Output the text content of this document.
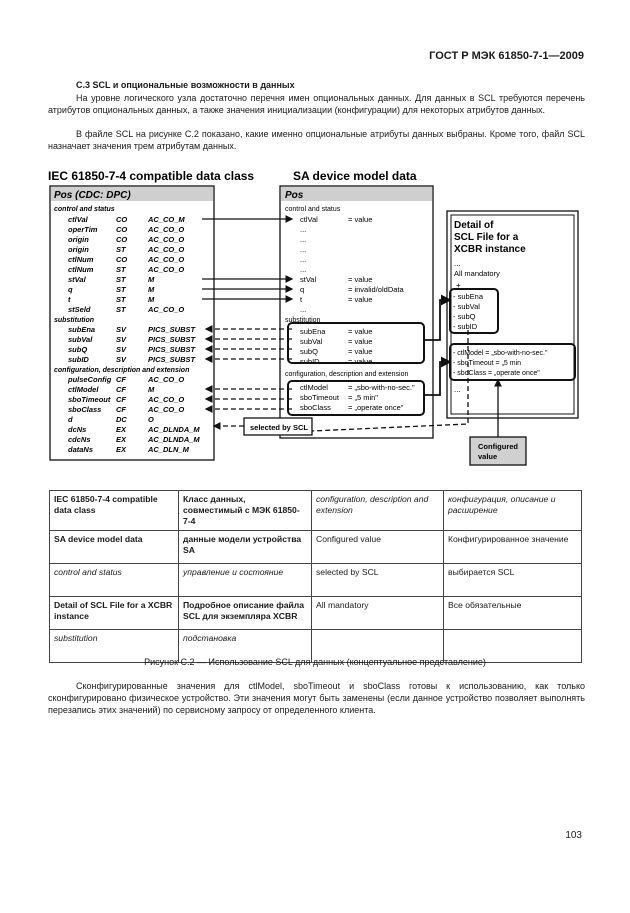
ГОСТ Р МЭК 61850-7-1—2009
C.3 SCL и опциональные возможности в данных
На уровне логического узла достаточно перечня имен опциональных данных. Для данных в SCL требуются перечень атрибутов опциональных данных, а также значения инициализации (конфигурации) для некоторых атрибутов данных.
В файле SCL на рисунке C.2 показано, какие именно опциональные атрибуты данных выбраны. Кроме того, файл SCL назначает значения трем атрибутам данных.
IEC 61850-7-4 compatible data class	SA device model data
Pos (CDC: DPC)
control and status
ctlVal	CO	AC_CO_M
operTim CO	AC_CO_O
origin	CO	AC_CO_O
origin	ST	AC_CO_O
ctlNum	CO	AC_CO_O
ctlNum	ST	AC_CO_O
stVal	ST	M
q	ST	M
t	ST	M
stSeld	ST	AC_CO_O
substitution
subEna	SV	PICS_SUBST
subVal	SV	PICS_SUBST
subQ	SV	PICS_SUBST
subID	SV	PICS_SUBST
configuration, description and extension
pulseConfig CF	AC_CO_O
ctlModel CF	M
sboTimeout CF	AC_CO_O
sboClass CF	AC_CO_O
d	DC	O
dcNs	EX	AC_DLNDA_M
cdcNs	EX	AC_DLNDA_M
dataNs	EX	AC_DLN_M
Pos
control and status
ctlVal	= value
...
...
...
...
...
stVal	= value
q	= invalid/oldData
t	= value
...
substitution
subEna	= value
subVal	= value
subQ	= value
subID	= value
configuration, description and extension
ctlModel	= „sbo-with-no-sec."
sboTimeout = „5 min"
sboClass = „operate once"
Detail of
SCL File for a
XCBR instance
...
All mandatory
+
- subEna
- subVal
- subQ
- subID
- ctlModel = „sbo-with-no-sec."
- sboTimeout = „5 min
- sboClass = „operate once"
...
selected by SCL
Configured
value
IEC 61850-7-4 compatible data class	Класс данных, совместимый с МЭК 61850-7-4	configuration, description and extension	конфигурация, описание и расширение
SA device model data	данные модели устройства SA	Configured value	Конфигурированное значение
control and status	управление и состояние	selected by SCL	выбирается SCL
Detail of SCL File for a XCBR instance	Подробное описание файла SCL для экземпляра XCBR	All mandatory	Все обязательные
substitution	подстановка		
Рисунок C.2 — Использование SCL для данных (концептуальное представление)
Сконфигурированные значения для ctlModel, sboTimeout и sboClass готовы к использованию, как только сконфигурировано физическое устройство. Эти значения могут быть заменены (если данное устройство позволяет выполнять перезапись этих значений) по сервисному запросу от определенного клиента.
103
